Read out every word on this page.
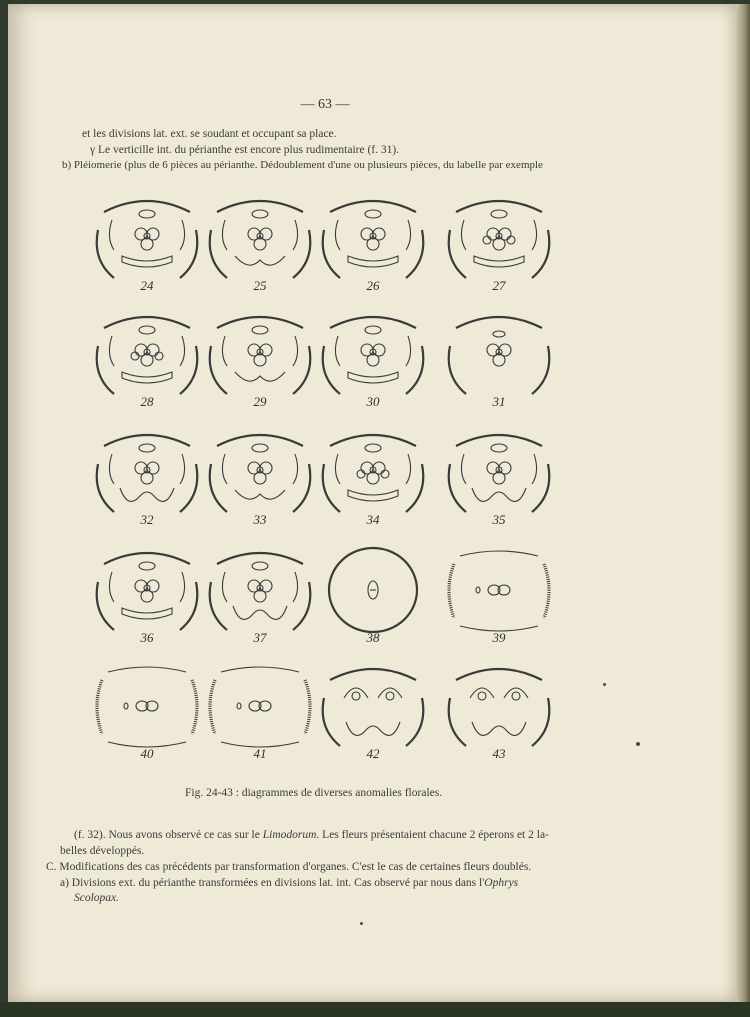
— 63 —
et les divisions lat. ext. se soudant et occupant sa place.
γ Le verticille int. du périanthe est encore plus rudimentaire (f. 31).
b) Pléiomerie (plus de 6 pièces au périanthe. Dédoublement d'une ou plusieurs pièces, du labelle par exemple
24	25	26	27
28	29	30	31
32	33	34	35
36	37	38	39
40	41	42	43
Fig. 24-43 : diagrammes de diverses anomalies florales.
(f. 32). Nous avons observé ce cas sur le Limodorum. Les fleurs présentaient chacune 2 éperons et 2 la-
belles développés.
C. Modifications des cas précédents par transformation d'organes. C'est le cas de certaines fleurs doublés.
a) Divisions ext. du périanthe transformées en divisions lat. int. Cas observé par nous dans l'Ophrys
Scolopax.
